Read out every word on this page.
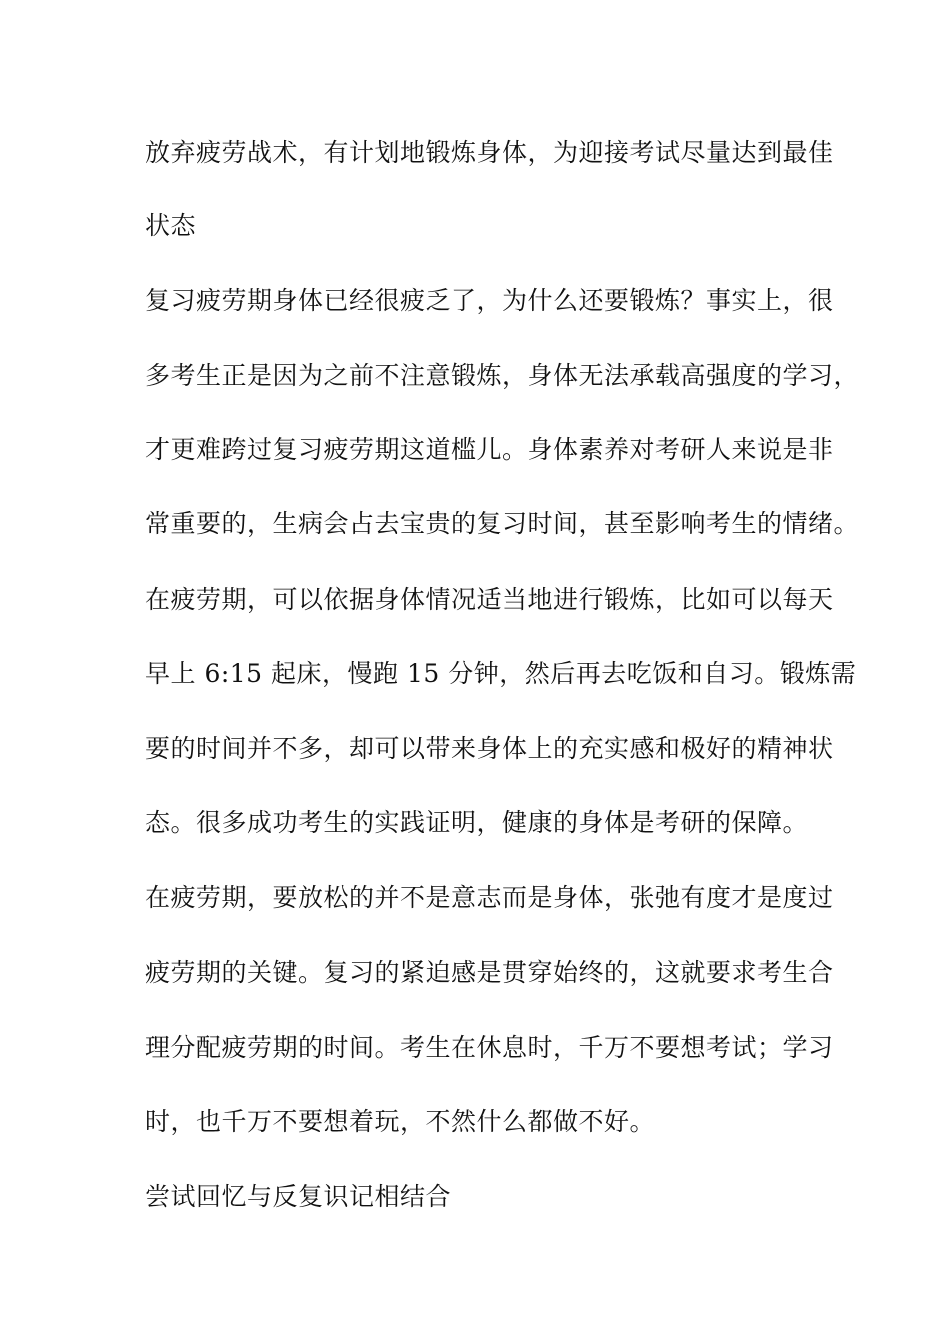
放弃疲劳战术，有计划地锻炼身体，为迎接考试尽量达到最佳
状态
复习疲劳期身体已经很疲乏了，为什么还要锻炼？事实上，很
多考生正是因为之前不注意锻炼，身体无法承载高强度的学习，
才更难跨过复习疲劳期这道槛儿。身体素养对考研人来说是非
常重要的，生病会占去宝贵的复习时间，甚至影响考生的情绪。
在疲劳期，可以依据身体情况适当地进行锻炼，比如可以每天
早上 6:15 起床，慢跑 15 分钟，然后再去吃饭和自习。锻炼需
要的时间并不多，却可以带来身体上的充实感和极好的精神状
态。很多成功考生的实践证明，健康的身体是考研的保障。
在疲劳期，要放松的并不是意志而是身体，张弛有度才是度过
疲劳期的关键。复习的紧迫感是贯穿始终的，这就要求考生合
理分配疲劳期的时间。考生在休息时，千万不要想考试；学习
时，也千万不要想着玩，不然什么都做不好。
尝试回忆与反复识记相结合
